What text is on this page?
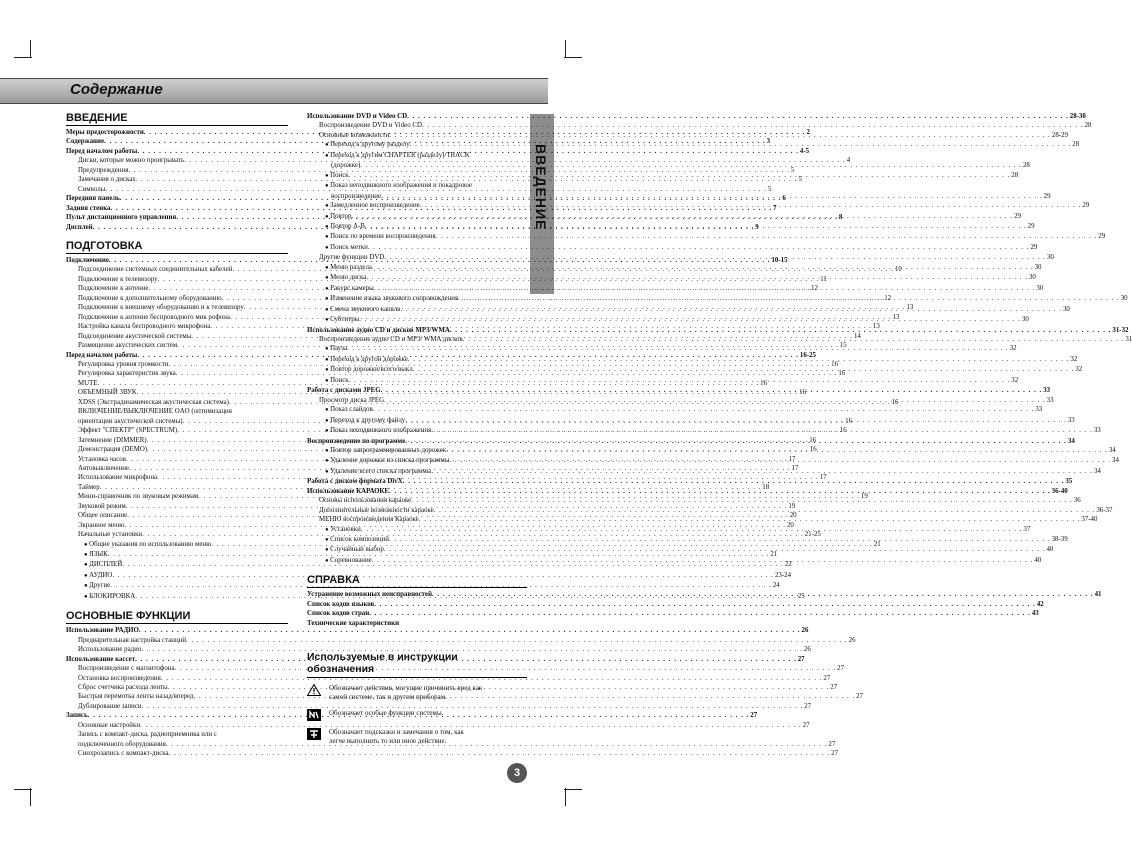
Содержание
ВВЕДЕНИЕ
ВВЕДЕНИЕ
Меры предосторожности . . .	2
Содержание . . .	3
Перед началом работы . . .	4-5
Диски, которые можно проигрывать . . .	4
Предупреждения . . .	5
Замечания о дисках . . .	5
Символы . . .	5
Передняя панель . . .	6
Задняя стенка . . .	7
Пульт дистанционного управления . . .	8
Дисплей . . .	9
ПОДГОТОВКА
Подключение . . .	10-15
Подсоединение системных соединительных кабелей . . .	10
Подключение к телевизору . . .	11
Подключение к антенне . . .	12
Подключение к дополнительному оборудованию . . .	12
Подключение к внешнему оборудованию и к телевизору . . .	13
Подключение к антенне беспроводного мик рофона . . .	13
Настройка канала беспроводного микрофона . . .	13
Подсоединение акустической системы . . .	14
Размещение акустических систем . . .	15
Перед началом работы . . .	16-25
Регулировка уровня громкости . . .	16
Регулировка характеристик звука . . .	16
MUTE . . .	16
ОБЪЕМНЫЙ ЗВУК . . .	16
XDSS (Экстрадинамическая акустическая система) . . .	16
ВКЛЮЧЕНИЕ/ВЫКЛЮЧЕНИЕ OAO (оптимизация
ориентации акустической системы) . . .	16
Эффект "СПЕКТР" (SPECTRUM) . . .	16
Затемнение (DIMMER) . . .	16
Демонстрация (DEMO) . . .	16
Установка часов . . .	17
Автовыключение . . .	17
Использование микрофона . . .	17
Таймер . . .	18
Мини-справочник по звуковым режимам . . .	19
Звуковой режим . . .	19
Общее описание . . .	20
Экранное меню . . .	20
Начальные установки . . .	21-25
● Общие указания по использованию меню . . .	21
● ЯЗЫК . . .	21
● ДИСПЛЕЙ . . .	22
● АУДИО . . .	23-24
● Другие . . .	24
● БЛОКИРОВКА . . .	25
ОСНОВНЫЕ ФУНКЦИИ
Использование РАДИО . . .	26
Предварительная настройка станций . . .	26
Использование радио . . .	26
Использование кассет . . .	27
Воспроизведение с магнитофона . . .	27
Остановка воспроизведения . . .	27
Сброс счетчика расхода ленты . . .	27
Быстрая перемотка ленты назад/вперед . . .	27
Дублирование записи . . .	27
Запись . . .	27
Основные настройки . . .	27
Запись с компакт-диска, радиоприемника или с
подключенного оборудования . . .	27
Синхрозапись с компакт-диска . . .	27
Использование DVD и Video CD . . .	28-30
Воспроизведение DVD и Video CD . . .	28
Основные возможности . . .	28-29
● Переход к другому разделу . . .	28
● Переход к другим CHAPTER (разделу)/TRACK
(дорожке) . . .	28
● Поиск . . .	28
● Показ неподвижного изображения и покадровое
воспроизведение . . .	29
● Замедленное воспроизведение . . .	29
● Повтор . . .	29
● Повтор A-B . . .	29
● Поиск по времени воспроизведения . . .	29
● Поиск метки . . .	29
Другие функции DVD . . .	30
● Меню раздела . . .	30
● Меню диска . . .	30
● Ракурс камеры . . .	30
● Изменение языка звукового сопровождения . . .	30
● Смена звукового канала . . .	30
● Субтитры . . .	30
Использование аудио CD и дисков MP3/WMA . . .	31-32
Воспроизведение аудио CD и MP3/ WMA дисков . . .	31
● Пауза . . .	32
● Переход к другой дорожке . . .	32
● Повтор дорожки/всего/выкл . . .	32
● Поиск . . .	32
Работа с дисками JPEG . . .	33
Просмотр диска JPEG . . .	33
● Показ слайдов . . .	33
● Переход к другому файлу . . .	33
● Показ неподвижного изображения . . .	33
Воспроизведение по программе . . .	34
● Повтор запрограммированных дорожек . . .	34
● Удаление дорожки из списка программы . . .	34
● Удаление всего списка программы . . .	34
Работа с диском формата DivX . . .	35
Использование КАРАОКЕ . . .	36-40
Основы использования караоке . . .	36
Дополнительные возможности караоке . . .	36-37
МЕНЮ воспроизведения Караоке . . .	37-40
● Установки . . .	37
● Список композиций . . .	38-39
● Случайный выбор . . .	40
● Соревнование . . .	40
СПРАВКА
Устранение возможных неисправностей . . .	41
Список кодов языков . . .	42
Список кодов стран . . .	43
Технические характеристики
Используемые в инструкции обозначения
Обозначает действия, могущие причинить вред как
самой системе, так и другим приборам.
Обозначает особые функции системы.
Обозначает подсказки и замечания о том, как
легче выполнить то или иное действие.
3
